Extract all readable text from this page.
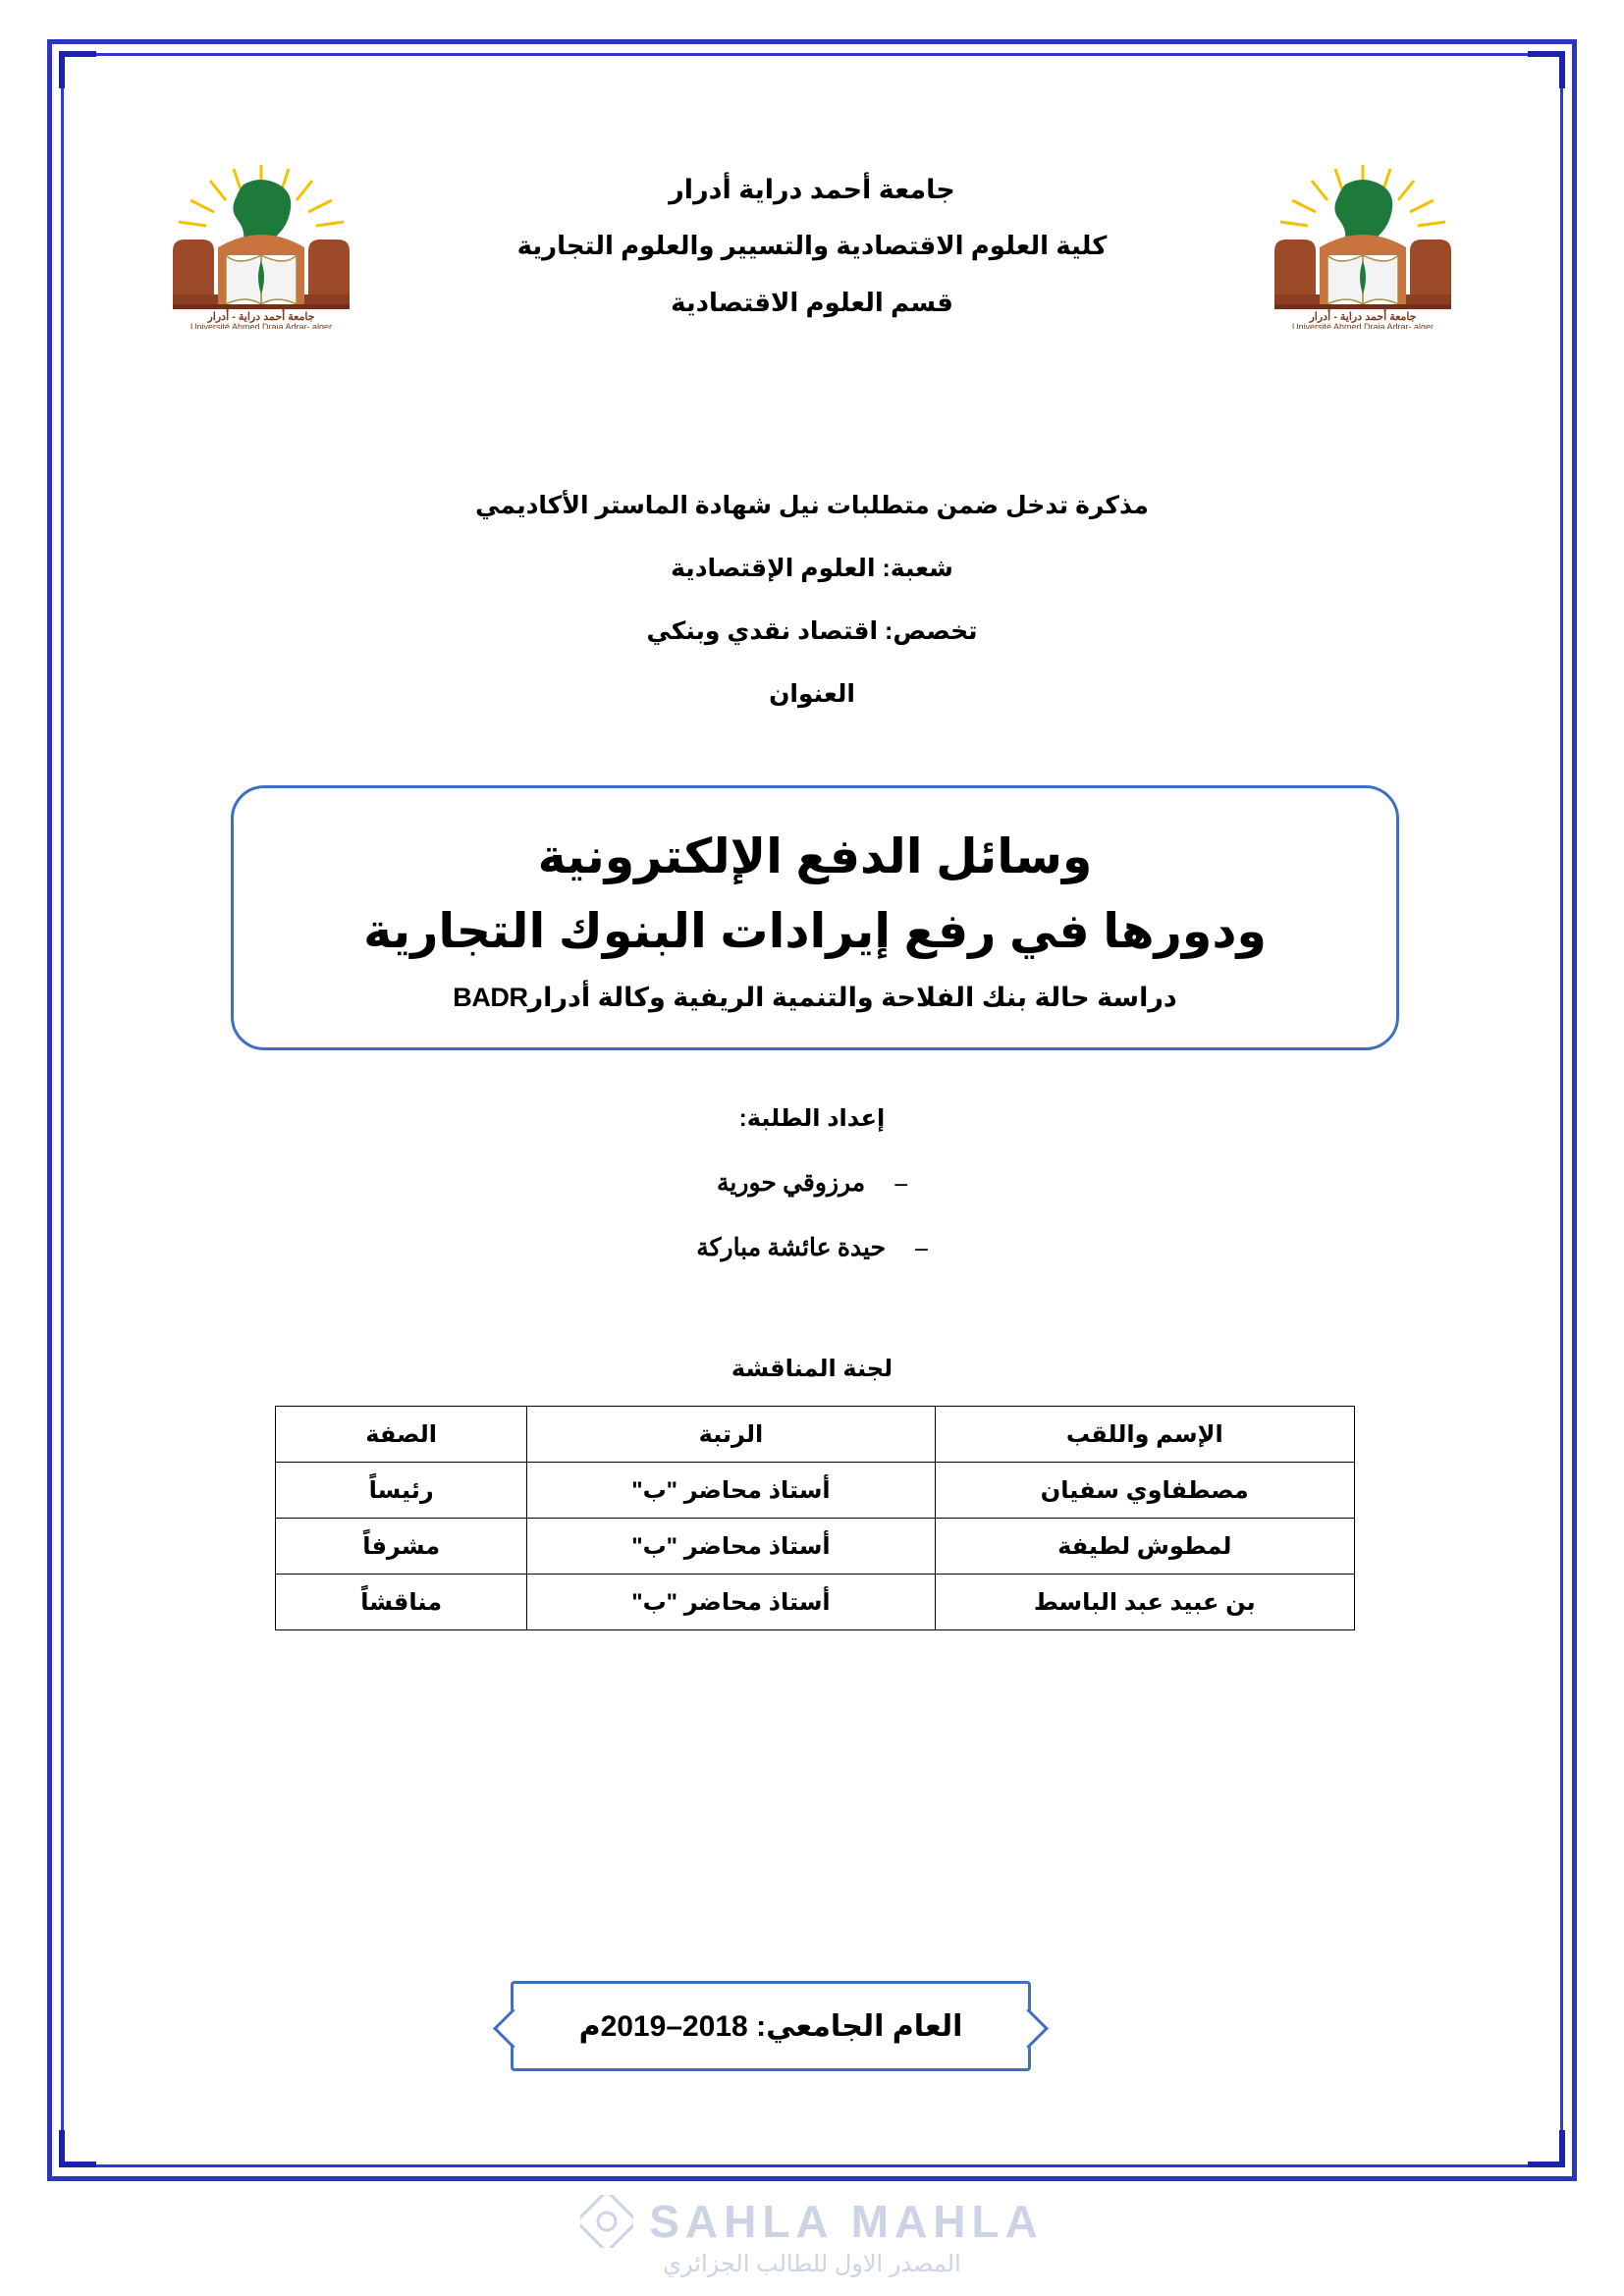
جامعة أحمد دراية - أدرار
Université Ahmed Draia Adrar- alger
جامعة أحمد دراية - أدرار
Université Ahmed Draia Adrar- alger
جامعة أحمد دراية أدرار
كلية العلوم الاقتصادية والتسيير والعلوم التجارية
قسم العلوم الاقتصادية
مذكرة تدخل ضمن متطلبات نيل شهادة الماستر الأكاديمي
شعبة: العلوم الإقتصادية
تخصص: اقتصاد نقدي وبنكي
العنوان
وسائل الدفع الإلكترونية
ودورها في رفع إيرادات البنوك التجارية
دراسة حالة بنك الفلاحة والتنمية الريفية وكالة أدرارBADR
إعداد الطلبة:
– مرزوقي حورية
– حيدة عائشة مباركة
لجنة المناقشة
الإسم واللقب	الرتبة	الصفة
مصطفاوي سفيان	أستاذ محاضر "ب"	رئيساً
لمطوش لطيفة	أستاذ محاضر "ب"	مشرفاً
بن عبيد عبد الباسط	أستاذ محاضر "ب"	مناقشاً
العام الجامعي: 2018–2019م
SAHLA MAHLA
المصدر الاول للطالب الجزائري
